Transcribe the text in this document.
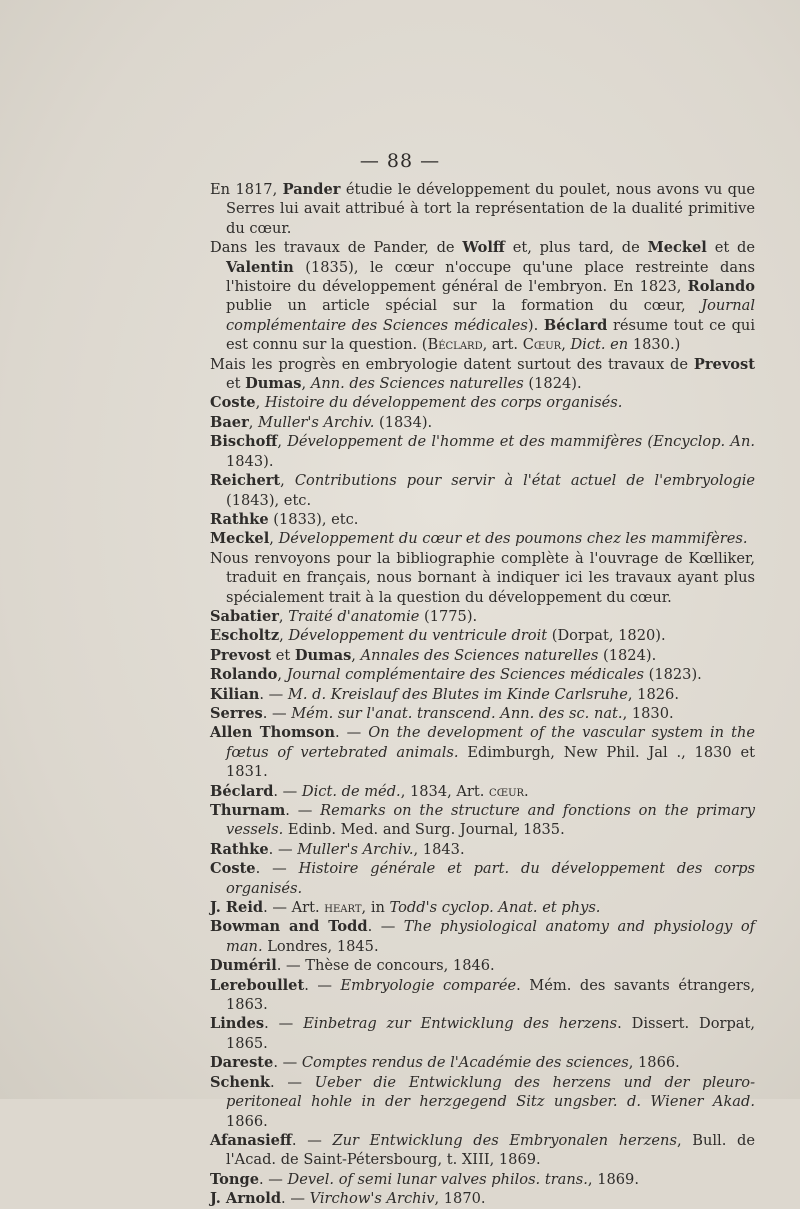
— 88 —

En 1817, Pander étudie le développement du poulet, nous avons vu que Serres lui avait attribué à tort la représentation de la dualité primitive du cœur.

Dans les travaux de Pander, de Wolff et, plus tard, de Meckel et de Valentin (1835), le cœur n'occupe qu'une place restreinte dans l'histoire du développement général de l'embryon. En 1823, Rolando publie un article spécial sur la formation du cœur, Journal complémentaire des Sciences médicales). Béclard résume tout ce qui est connu sur la question. (Béclard, art. Cœur, Dict. en 1830.)

Mais les progrès en embryologie datent surtout des travaux de Prevost et Dumas, Ann. des Sciences naturelles (1824).

Coste, Histoire du développement des corps organisés.

Baer, Muller's Archiv. (1834).

Bischoff, Développement de l'homme et des mammifères (Encyclop. An. 1843).

Reichert, Contributions pour servir à l'état actuel de l'embryologie (1843), etc.

Rathke (1833), etc.

Meckel, Développement du cœur et des poumons chez les mammifères.

Nous renvoyons pour la bibliographie complète à l'ouvrage de Kœlliker, traduit en français, nous bornant à indiquer ici les travaux ayant plus spécialement trait à la question du développement du cœur.

Sabatier, Traité d'anatomie (1775).

Escholtz, Développement du ventricule droit (Dorpat, 1820).

Prevost et Dumas, Annales des Sciences naturelles (1824).

Rolando, Journal complémentaire des Sciences médicales (1823).

Kilian. — M. d. Kreislauf des Blutes im Kinde Carlsruhe, 1826.

Serres. — Mém. sur l'anat. transcend. Ann. des sc. nat., 1830.

Allen Thomson. — On the development of the vascular system in the fœtus of vertebrated animals. Edimburgh, New Phil. Jal ., 1830 et 1831.

Béclard. — Dict. de méd., 1834, Art. cœur.

Thurnam. — Remarks on the structure and fonctions on the primary vessels. Edinb. Med. and Surg. Journal, 1835.

Rathke. — Muller's Archiv., 1843.

Coste. — Histoire générale et part. du développement des corps organisés.

J. Reid. — Art. heart, in Todd's cyclop. Anat. et phys.

Bowman and Todd. — The physiological anatomy and physiology of man. Londres, 1845.

Duméril. — Thèse de concours, 1846.

Lereboullet. — Embryologie comparée. Mém. des savants étrangers, 1863.

Lindes. — Einbetrag zur Entwicklung des herzens. Dissert. Dorpat, 1865.

Dareste. — Comptes rendus de l'Académie des sciences, 1866.

Schenk. — Ueber die Entwicklung des herzens und der pleuro-peritoneal hohle in der herzgegend Sitz ungsber. d. Wiener Akad. 1866.

Afanasieff. — Zur Entwicklung des Embryonalen herzens, Bull. de l'Acad. de Saint-Pétersbourg, t. XIII, 1869.

Tonge. — Devel. of semi lunar valves philos. trans., 1869.

J. Arnold. — Virchow's Archiv, 1870.
